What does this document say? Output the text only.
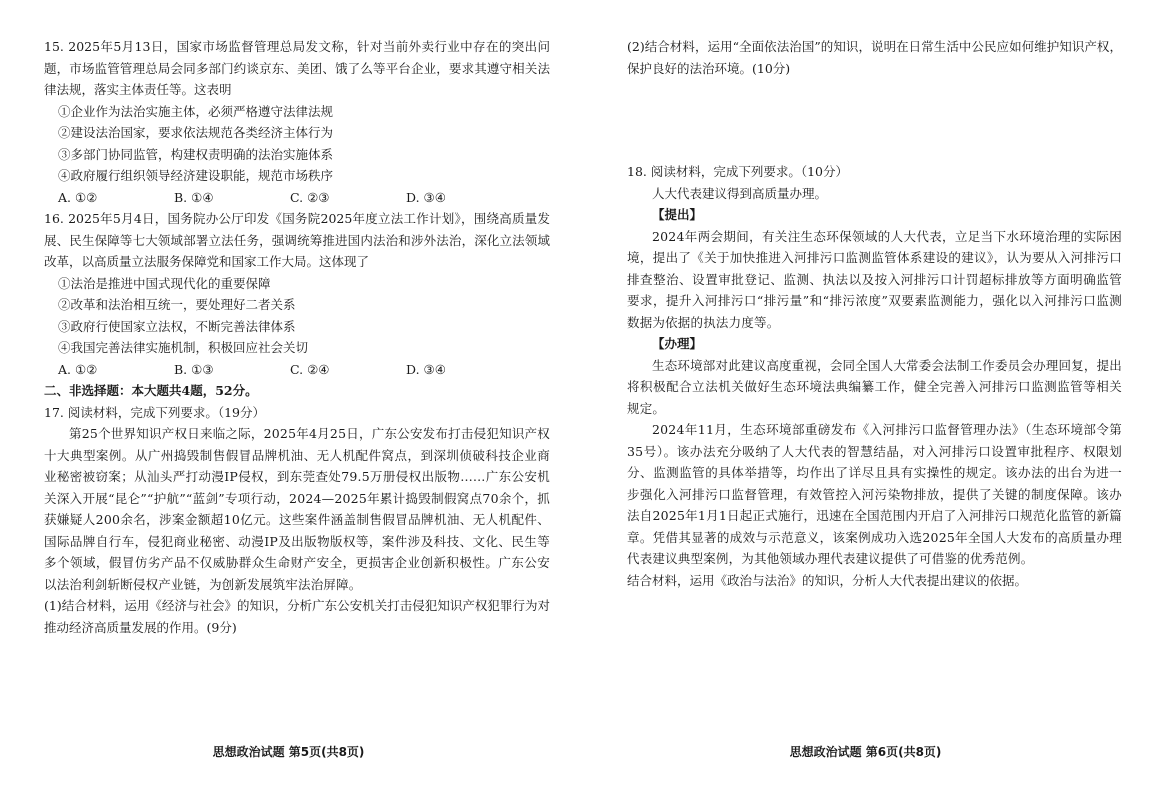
15. 2025年5月13日，国家市场监督管理总局发文称，针对当前外卖行业中存在的突出问题，市场监管管理总局会同多部门约谈京东、美团、饿了么等平台企业，要求其遵守相关法律法规，落实主体责任等。这表明

①企业作为法治实施主体，必须严格遵守法律法规

②建设法治国家，要求依法规范各类经济主体行为

③多部门协同监管，构建权责明确的法治实施体系

④政府履行组织领导经济建设职能，规范市场秩序

A. ①②	B. ①④	C. ②③	D. ③④

16. 2025年5月4日，国务院办公厅印发《国务院2025年度立法工作计划》，围绕高质量发展、民生保障等七大领域部署立法任务，强调统筹推进国内法治和涉外法治，深化立法领域改革，以高质量立法服务保障党和国家工作大局。这体现了

①法治是推进中国式现代化的重要保障

②改革和法治相互统一，要处理好二者关系

③政府行使国家立法权，不断完善法律体系

④我国完善法律实施机制，积极回应社会关切

A. ①②	B. ①③	C. ②④	D. ③④

二、非选择题：本大题共4题，52分。

17. 阅读材料，完成下列要求。（19分）

第25个世界知识产权日来临之际，2025年4月25日，广东公安发布打击侵犯知识产权十大典型案例。从广州捣毁制售假冒品牌机油、无人机配件窝点，到深圳侦破科技企业商业秘密被窃案；从汕头严打动漫IP侵权，到东莞查处79.5万册侵权出版物……广东公安机关深入开展“昆仑”“护航”“蓝剑”专项行动，2024—2025年累计捣毁制假窝点70余个，抓获嫌疑人200余名，涉案金额超10亿元。这些案件涵盖制售假冒品牌机油、无人机配件、国际品牌自行车，侵犯商业秘密、动漫IP及出版物版权等，案件涉及科技、文化、民生等多个领域，假冒仿劣产品不仅威胁群众生命财产安全，更损害企业创新积极性。广东公安以法治利剑斩断侵权产业链，为创新发展筑牢法治屏障。

(1)结合材料，运用《经济与社会》的知识，分析广东公安机关打击侵犯知识产权犯罪行为对推动经济高质量发展的作用。(9分)

思想政治试题 第5页(共8页)

(2)结合材料，运用“全面依法治国”的知识，说明在日常生活中公民应如何维护知识产权，保护良好的法治环境。(10分)

18. 阅读材料，完成下列要求。（10分）

人大代表建议得到高质量办理。

【提出】

2024年两会期间，有关注生态环保领域的人大代表，立足当下水环境治理的实际困境，提出了《关于加快推进入河排污口监测监管体系建设的建议》，认为要从入河排污口排查整治、设置审批登记、监测、执法以及按入河排污口计罚超标排放等方面明确监管要求，提升入河排污口“排污量”和“排污浓度”双要素监测能力，强化以入河排污口监测数据为依据的执法力度等。

【办理】

生态环境部对此建议高度重视，会同全国人大常委会法制工作委员会办理回复，提出将积极配合立法机关做好生态环境法典编纂工作，健全完善入河排污口监测监管等相关规定。

2024年11月，生态环境部重磅发布《入河排污口监督管理办法》（生态环境部令第35号）。该办法充分吸纳了人大代表的智慧结晶，对入河排污口设置审批程序、权限划分、监测监管的具体举措等，均作出了详尽且具有实操性的规定。该办法的出台为进一步强化入河排污口监督管理，有效管控入河污染物排放，提供了关键的制度保障。该办法自2025年1月1日起正式施行，迅速在全国范围内开启了入河排污口规范化监管的新篇章。凭借其显著的成效与示范意义，该案例成功入选2025年全国人大发布的高质量办理代表建议典型案例，为其他领域办理代表建议提供了可借鉴的优秀范例。

结合材料，运用《政治与法治》的知识，分析人大代表提出建议的依据。

思想政治试题 第6页(共8页)
